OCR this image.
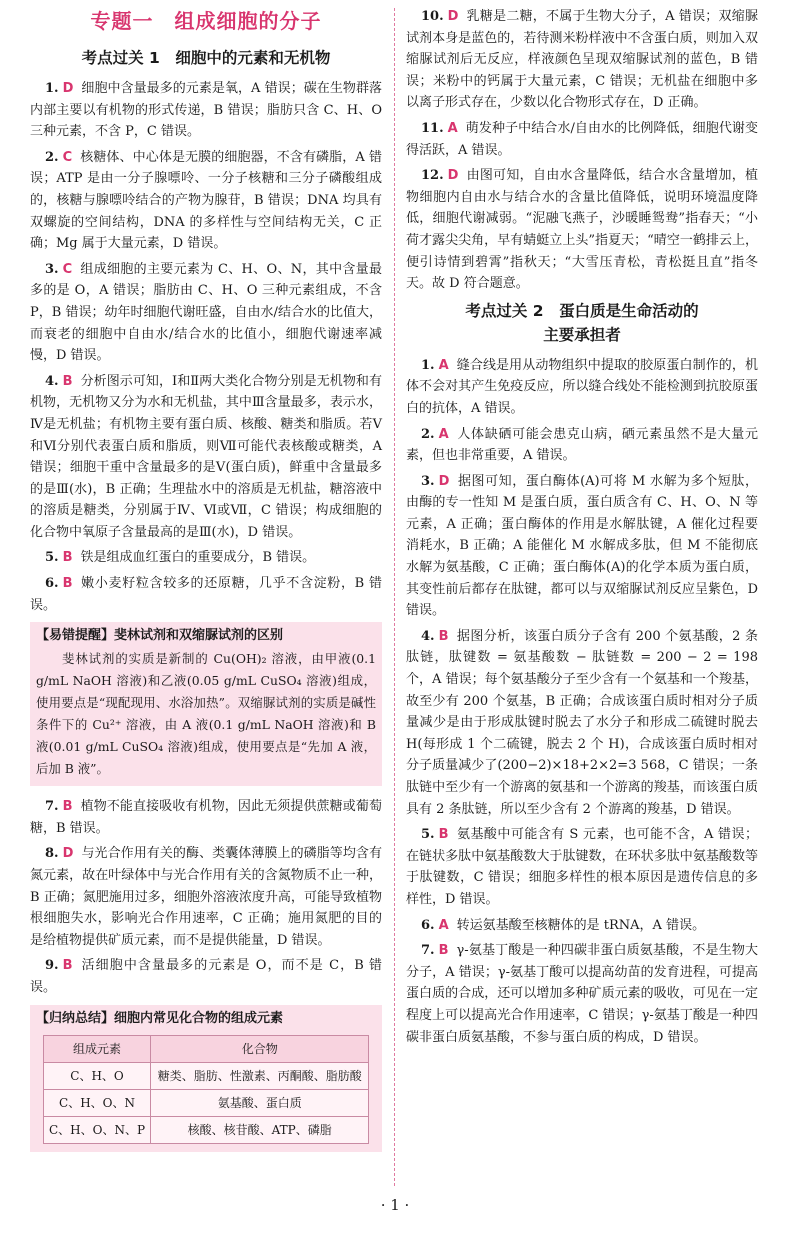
专题一　组成细胞的分子
考点过关 1　细胞中的元素和无机物

1. D 细胞中含量最多的元素是氧，A 错误；碳在生物群落内部主要以有机物的形式传递，B 错误；脂肪只含 C、H、O 三种元素，不含 P，C 错误。

2. C 核糖体、中心体是无膜的细胞器，不含有磷脂，A 错误；ATP 是由一分子腺嘌呤、一分子核糖和三分子磷酸组成的，核糖与腺嘌呤结合的产物为腺苷，B 错误；DNA 均具有双螺旋的空间结构，DNA 的多样性与空间结构无关，C 正确；Mg 属于大量元素，D 错误。

3. C 组成细胞的主要元素为 C、H、O、N，其中含量最多的是 O，A 错误；脂肪由 C、H、O 三种元素组成，不含 P，B 错误；幼年时细胞代谢旺盛，自由水/结合水的比值大，而衰老的细胞中自由水/结合水的比值小，细胞代谢速率减慢，D 错误。

4. B 分析图示可知，Ⅰ和Ⅱ两大类化合物分别是无机物和有机物，无机物又分为水和无机盐，其中Ⅲ含量最多，表示水，Ⅳ是无机盐；有机物主要有蛋白质、核酸、糖类和脂质。若Ⅴ和Ⅵ分别代表蛋白质和脂质，则Ⅶ可能代表核酸或糖类，A 错误；细胞干重中含量最多的是Ⅴ(蛋白质)，鲜重中含量最多的是Ⅲ(水)，B 正确；生理盐水中的溶质是无机盐，糖溶液中的溶质是糖类，分别属于Ⅳ、Ⅵ或Ⅶ，C 错误；构成细胞的化合物中氧原子含量最高的是Ⅲ(水)，D 错误。

5. B 铁是组成血红蛋白的重要成分，B 错误。

6. B 嫩小麦籽粒含较多的还原糖，几乎不含淀粉，B 错误。

【易错提醒】斐林试剂和双缩脲试剂的区别
斐林试剂的实质是新制的 Cu(OH)₂ 溶液，由甲液(0.1 g/mL NaOH 溶液)和乙液(0.05 g/mL CuSO₄ 溶液)组成，使用要点是“现配现用、水浴加热”。双缩脲试剂的实质是碱性条件下的 Cu²⁺ 溶液，由 A 液(0.1 g/mL NaOH 溶液)和 B 液(0.01 g/mL CuSO₄ 溶液)组成，使用要点是“先加 A 液，后加 B 液”。

7. B 植物不能直接吸收有机物，因此无须提供蔗糖或葡萄糖，B 错误。

8. D 与光合作用有关的酶、类囊体薄膜上的磷脂等均含有氮元素，故在叶绿体中与光合作用有关的含氮物质不止一种，B 正确；氮肥施用过多，细胞外溶液浓度升高，可能导致植物根细胞失水，影响光合作用速率，C 正确；施用氮肥的目的是给植物提供矿质元素，而不是提供能量，D 错误。

9. B 活细胞中含量最多的元素是 O，而不是 C，B 错误。

【归纳总结】细胞内常见化合物的组成元素
组成元素	化合物
C、H、O	糖类、脂肪、性激素、丙酮酸、脂肪酸
C、H、O、N	氨基酸、蛋白质
C、H、O、N、P	核酸、核苷酸、ATP、磷脂

10. D 乳糖是二糖，不属于生物大分子，A 错误；双缩脲试剂本身是蓝色的，若待测米粉样液中不含蛋白质，则加入双缩脲试剂后无反应，样液颜色呈现双缩脲试剂的蓝色，B 错误；米粉中的钙属于大量元素，C 错误；无机盐在细胞中多以离子形式存在，少数以化合物形式存在，D 正确。

11. A 萌发种子中结合水/自由水的比例降低，细胞代谢变得活跃，A 错误。

12. D 由图可知，自由水含量降低，结合水含量增加，植物细胞内自由水与结合水的含量比值降低，说明环境温度降低，细胞代谢减弱。“泥融飞燕子，沙暖睡鸳鸯”指春天；“小荷才露尖尖角，早有蜻蜓立上头”指夏天；“晴空一鹤排云上，便引诗情到碧霄”指秋天；“大雪压青松，青松挺且直”指冬天。故 D 符合题意。

考点过关 2　蛋白质是生命活动的
主要承担者

1. A 缝合线是用从动物组织中提取的胶原蛋白制作的，机体不会对其产生免疫反应，所以缝合线处不能检测到抗胶原蛋白的抗体，A 错误。

2. A 人体缺硒可能会患克山病，硒元素虽然不是大量元素，但也非常重要，A 错误。

3. D 据图可知，蛋白酶体(A)可将 M 水解为多个短肽，由酶的专一性知 M 是蛋白质，蛋白质含有 C、H、O、N 等元素，A 正确；蛋白酶体的作用是水解肽键，A 催化过程要消耗水，B 正确；A 能催化 M 水解成多肽，但 M 不能彻底水解为氨基酸，C 正确；蛋白酶体(A)的化学本质为蛋白质，其变性前后都存在肽键，都可以与双缩脲试剂反应呈紫色，D 错误。

4. B 据图分析，该蛋白质分子含有 200 个氨基酸，2 条肽链，肽键数 = 氨基酸数 − 肽链数 = 200 − 2 = 198 个，A 错误；每个氨基酸分子至少含有一个氨基和一个羧基，故至少有 200 个氨基，B 正确；合成该蛋白质时相对分子质量减少是由于形成肽键时脱去了水分子和形成二硫键时脱去 H(每形成 1 个二硫键，脱去 2 个 H)，合成该蛋白质时相对分子质量减少了(200−2)×18+2×2=3 568，C 错误；一条肽链中至少有一个游离的氨基和一个游离的羧基，而该蛋白质具有 2 条肽链，所以至少含有 2 个游离的羧基，D 错误。

5. B 氨基酸中可能含有 S 元素，也可能不含，A 错误；在链状多肽中氨基酸数大于肽键数，在环状多肽中氨基酸数等于肽键数，C 错误；细胞多样性的根本原因是遗传信息的多样性，D 错误。

6. A 转运氨基酸至核糖体的是 tRNA，A 错误。

7. B γ-氨基丁酸是一种四碳非蛋白质氨基酸，不是生物大分子，A 错误；γ-氨基丁酸可以提高幼苗的发育进程，可提高蛋白质的合成，还可以增加多种矿质元素的吸收，可见在一定程度上可以提高光合作用速率，C 错误；γ-氨基丁酸是一种四碳非蛋白质氨基酸，不参与蛋白质的构成，D 错误。

· 1 ·
